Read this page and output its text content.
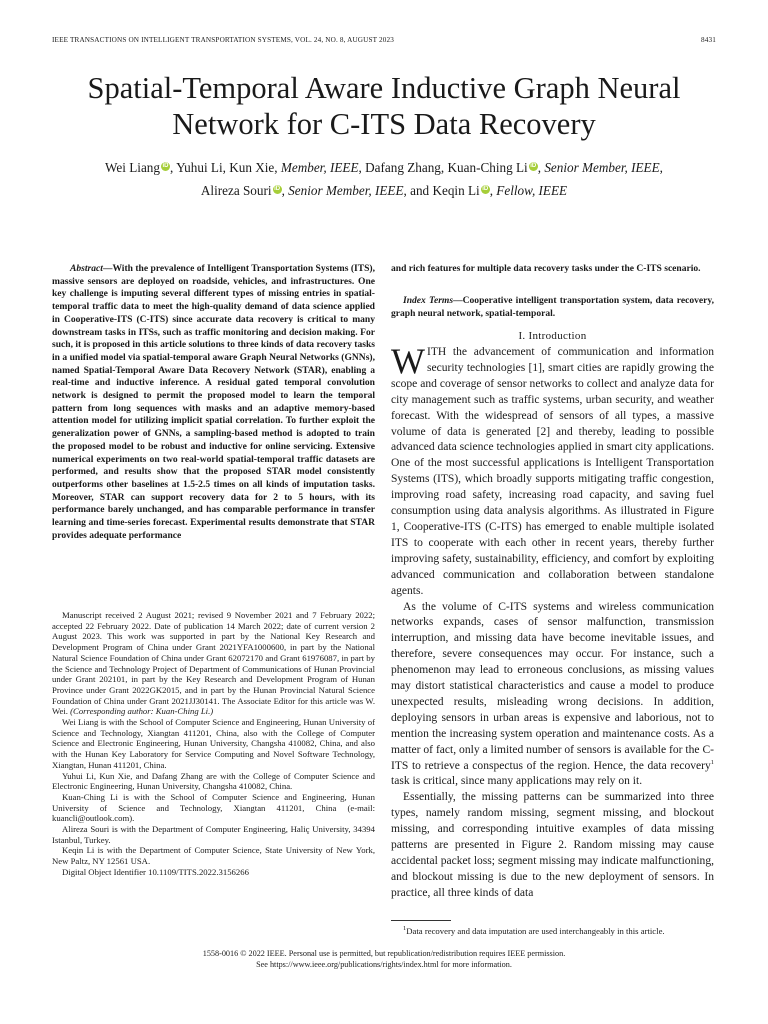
IEEE TRANSACTIONS ON INTELLIGENT TRANSPORTATION SYSTEMS, VOL. 24, NO. 8, AUGUST 2023	8431
Spatial-Temporal Aware Inductive Graph Neural Network for C-ITS Data Recovery
Wei Liang iD , Yuhui Li, Kun Xie, Member, IEEE, Dafang Zhang, Kuan-Ching Li iD , Senior Member, IEEE,
Alireza Souri iD , Senior Member, IEEE, and Keqin Li iD , Fellow, IEEE
Abstract—With the prevalence of Intelligent Transportation Systems (ITS), massive sensors are deployed on roadside, vehicles, and infrastructures. One key challenge is imputing several different types of missing entries in spatial-temporal traffic data to meet the high-quality demand of data science applied in Cooperative-ITS (C-ITS) since accurate data recovery is critical to many downstream tasks in ITSs, such as traffic monitoring and decision making. For such, it is proposed in this article solutions to three kinds of data recovery tasks in a unified model via spatial-temporal aware Graph Neural Networks (GNNs), named Spatial-Temporal Aware Data Recovery Network (STAR), enabling a real-time and inductive inference. A residual gated temporal convolution network is designed to permit the proposed model to learn the temporal pattern from long sequences with masks and an adaptive memory-based attention model for utilizing implicit spatial correlation. To further exploit the generalization power of GNNs, a sampling-based method is adopted to train the proposed model to be robust and inductive for online servicing. Extensive numerical experiments on two real-world spatial-temporal traffic datasets are performed, and results show that the proposed STAR model consistently outperforms other baselines at 1.5-2.5 times on all kinds of imputation tasks. Moreover, STAR can support recovery data for 2 to 5 hours, with its performance barely unchanged, and has comparable performance in transfer learning and time-series forecast. Experimental results demonstrate that STAR provides adequate performance

Manuscript received 2 August 2021; revised 9 November 2021 and 7 February 2022; accepted 22 February 2022. Date of publication 14 March 2022; date of current version 2 August 2023. This work was supported in part by the National Key Research and Development Program of China under Grant 2021YFA1000600, in part by the National Natural Science Foundation of China under Grant 62072170 and Grant 61976087, in part by the Science and Technology Project of Department of Communications of Hunan Provincial under Grant 202101, in part by the Key Research and Development Program of Hunan Province under Grant 2022GK2015, and in part by the Hunan Provincial Natural Science Foundation of China under Grant 2021JJ30141. The Associate Editor for this article was W. Wei. (Corresponding author: Kuan-Ching Li.)

Wei Liang is with the School of Computer Science and Engineering, Hunan University of Science and Technology, Xiangtan 411201, China, also with the College of Computer Science and Electronic Engineering, Hunan University, Changsha 410082, China, and also with the Hunan Key Laboratory for Service Computing and Novel Software Technology, Xiangtan, Hunan 411201, China.

Yuhui Li, Kun Xie, and Dafang Zhang are with the College of Computer Science and Electronic Engineering, Hunan University, Changsha 410082, China.

Kuan-Ching Li is with the School of Computer Science and Engineering, Hunan University of Science and Technology, Xiangtan 411201, China (e-mail: kuancli@outlook.com).

Alireza Souri is with the Department of Computer Engineering, Haliç University, 34394 Istanbul, Turkey.

Keqin Li is with the Department of Computer Science, State University of New York, New Paltz, NY 12561 USA.

Digital Object Identifier 10.1109/TITS.2022.3156266

and rich features for multiple data recovery tasks under the C-ITS scenario.
Index Terms—Cooperative intelligent transportation system, data recovery, graph neural network, spatial-temporal.
I. Introduction

WITH the advancement of communication and information security technologies [1], smart cities are rapidly growing the scope and coverage of sensor networks to collect and analyze data for city management such as traffic systems, urban security, and weather forecast. With the widespread of sensors of all types, a massive volume of data is generated [2] and thereby, leading to possible advanced data science technologies applied in smart city applications. One of the most successful applications is Intelligent Transportation Systems (ITS), which broadly supports mitigating traffic congestion, improving road safety, increasing road capacity, and saving fuel consumption using data analysis algorithms. As illustrated in Figure 1, Cooperative-ITS (C-ITS) has emerged to enable multiple isolated ITS to cooperate with each other in recent years, thereby further improving safety, sustainability, efficiency, and comfort by exploiting advanced communication and collaboration between standalone agents.

As the volume of C-ITS systems and wireless communication networks expands, cases of sensor malfunction, transmission interruption, and missing data have become inevitable issues, and therefore, severe consequences may occur. For instance, such a phenomenon may lead to erroneous conclusions, as missing values may distort statistical characteristics and cause a model to produce unexpected results, misleading wrong decisions. In addition, deploying sensors in urban areas is expensive and laborious, not to mention the increasing system operation and maintenance costs. As a matter of fact, only a limited number of sensors is available for the C-ITS to retrieve a conspectus of the region. Hence, the data recovery$^1$ task is critical, since many applications may rely on it.

Essentially, the missing patterns can be summarized into three types, namely random missing, segment missing, and blockout missing, and corresponding intuitive examples of data missing patterns are presented in Figure 2. Random missing may cause accidental packet loss; segment missing may indicate malfunctioning, and blockout missing is due to the new deployment of sensors. In practice, all three kinds of data

$^1$Data recovery and data imputation are used interchangeably in this article.
1558-0016 © 2022 IEEE. Personal use is permitted, but republication/redistribution requires IEEE permission.
See https://www.ieee.org/publications/rights/index.html for more information.
